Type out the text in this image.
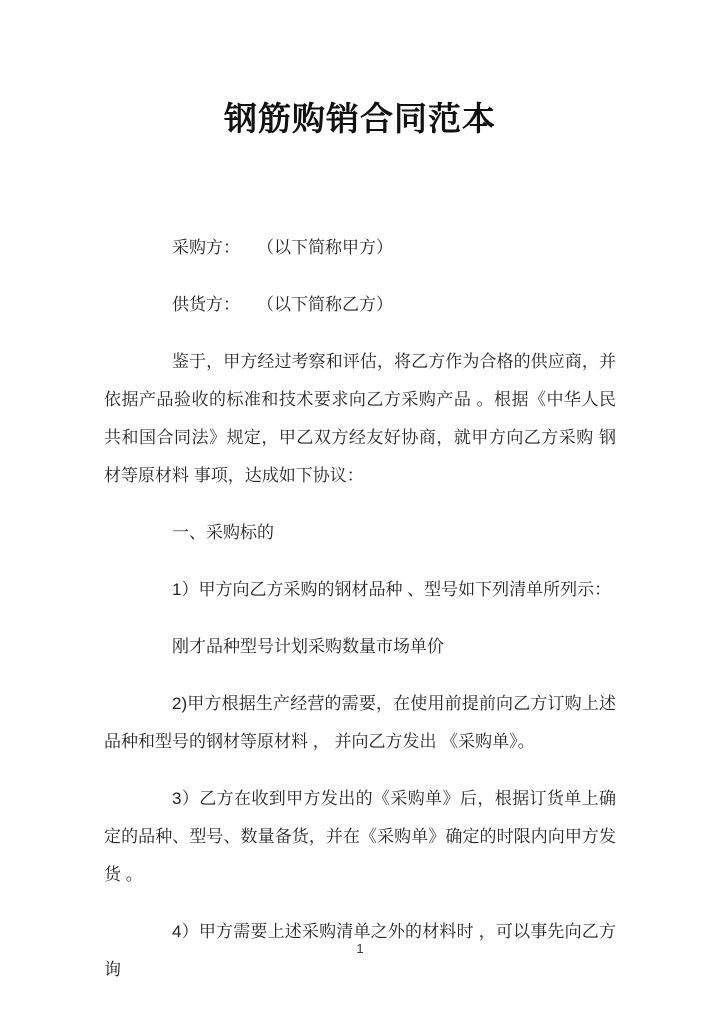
钢筋购销合同范本

采购方：　　（以下简称甲方）

供货方：　　（以下简称乙方）

鉴于，甲方经过考察和评估，将乙方作为合格的供应商，并依据产品验收的标准和技术要求向乙方采购产品 。根据《中华人民共和国合同法》规定，甲乙双方经友好协商，就甲方向乙方采购 钢材等原材料 事项，达成如下协议：

一、采购标的

1）甲方向乙方采购的钢材品种 、型号如下列清单所列示：

刚才品种型号计划采购数量市场单价

2)甲方根据生产经营的需要，在使用前提前向乙方订购上述品种和型号的钢材等原材料 ， 并向乙方发出 《采购单》。

3）乙方在收到甲方发出的《采购单》后，根据订货单上确定的品种、型号、数量备货，并在《采购单》确定的时限内向甲方发货 。

4）甲方需要上述采购清单之外的材料时 ，可以事先向乙方询

1
